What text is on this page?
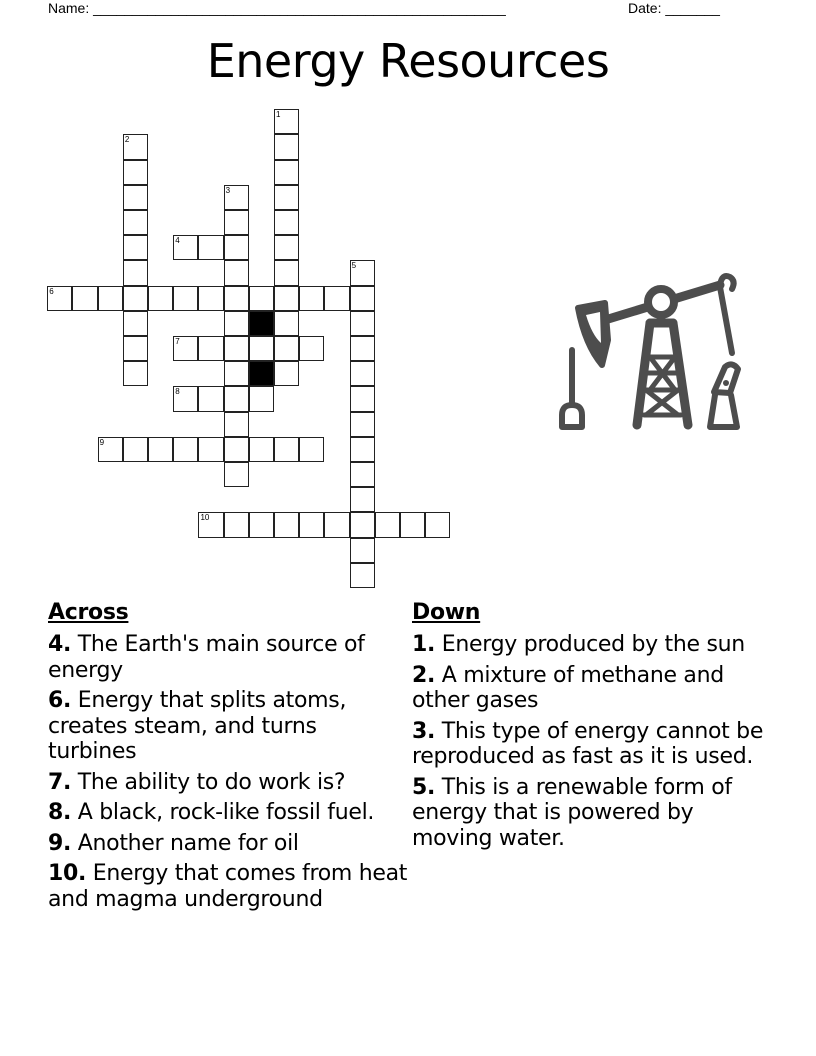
Name: _____________________________________________________	Date: _______
Energy Resources
1
2
3
4
5
6
7
8
9
10
Across
4. The Earth's main source of energy
6. Energy that splits atoms, creates steam, and turns turbines
7. The ability to do work is?
8. A black, rock-like fossil fuel.
9. Another name for oil
10. Energy that comes from heat and magma underground
Down
1. Energy produced by the sun
2. A mixture of methane and other gases
3. This type of energy cannot be reproduced as fast as it is used.
5. This is a renewable form of energy that is powered by moving water.
